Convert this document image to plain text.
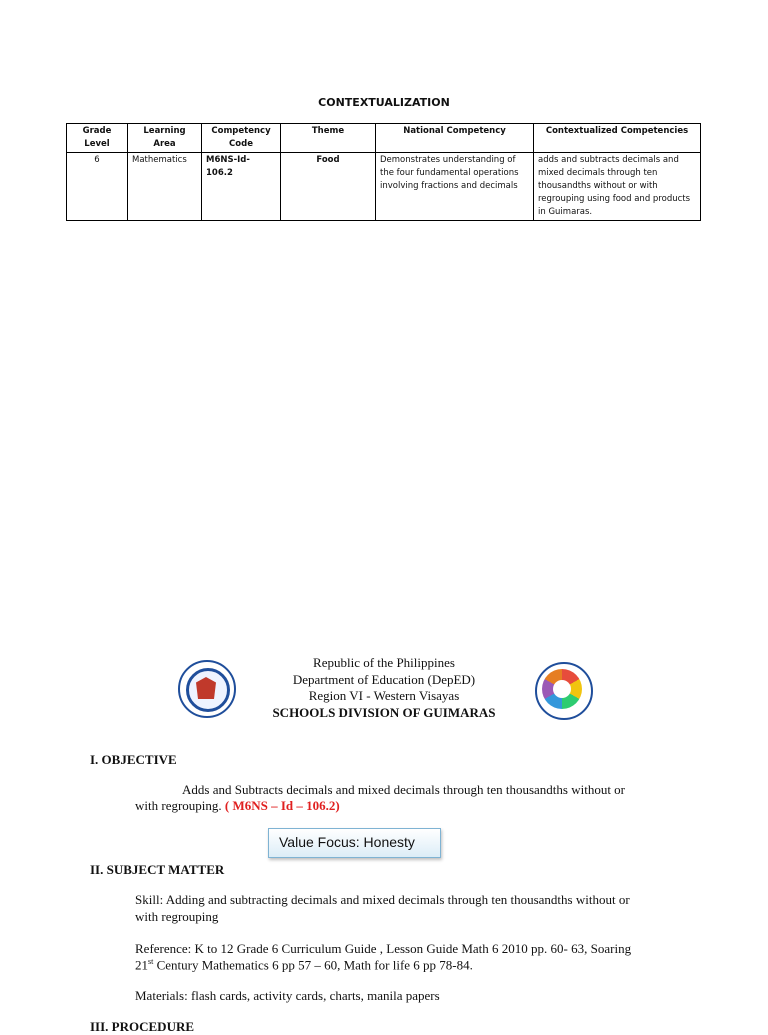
CONTEXTUALIZATION
Grade Level	Learning Area	Competency Code	Theme	National Competency	Contextualized Competencies
6	Mathematics	M6NS-Id-106.2	Food	Demonstrates understanding of the four fundamental operations involving fractions and decimals	adds and subtracts decimals and mixed decimals through ten thousandths without or with regrouping using food and products in Guimaras.
Republic of the Philippines
Department of Education (DepED)
Region VI - Western Visayas
SCHOOLS DIVISION OF GUIMARAS
I. OBJECTIVE
Adds and Subtracts decimals and mixed decimals through ten thousandths without or
with regrouping. ( M6NS – Id – 106.2)
Value Focus: Honesty
II. SUBJECT MATTER
Skill: Adding and subtracting decimals and mixed decimals through ten thousandths without or
with regrouping
Reference: K to 12 Grade 6 Curriculum Guide , Lesson Guide Math 6 2010 pp. 60- 63, Soaring
21st Century Mathematics 6 pp 57 – 60, Math for life 6 pp 78-84.
Materials: flash cards, activity cards, charts, manila papers
III. PROCEDURE
